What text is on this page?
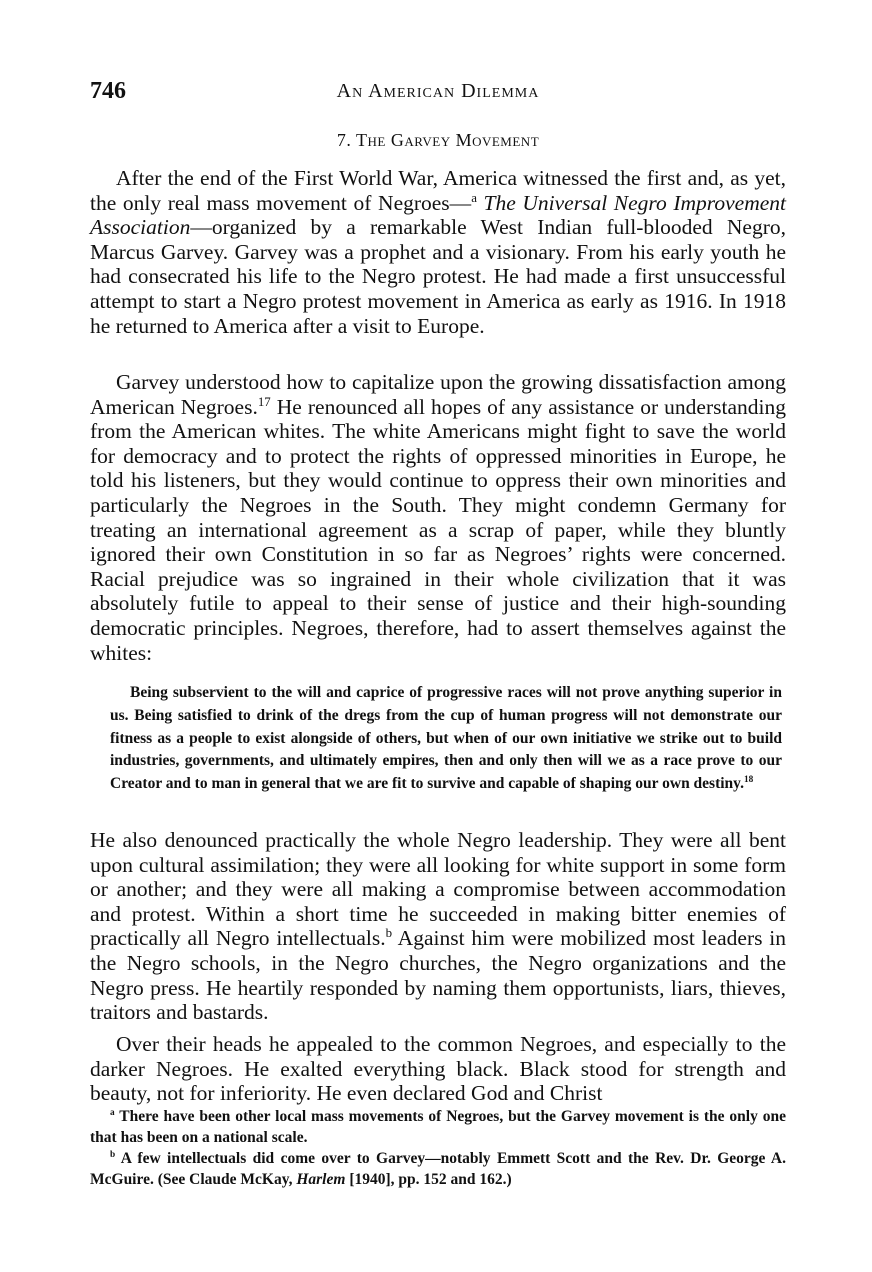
746	An American Dilemma
7. The Garvey Movement

After the end of the First World War, America witnessed the first and, as yet, the only real mass movement of Negroes—$^a$ The Universal Negro Improvement Association—organized by a remarkable West Indian full-blooded Negro, Marcus Garvey. Garvey was a prophet and a visionary. From his early youth he had consecrated his life to the Negro protest. He had made a first unsuccessful attempt to start a Negro protest movement in America as early as 1916. In 1918 he returned to America after a visit to Europe.

Garvey understood how to capitalize upon the growing dissatisfaction among American Negroes.$^{17}$ He renounced all hopes of any assistance or understanding from the American whites. The white Americans might fight to save the world for democracy and to protect the rights of oppressed minorities in Europe, he told his listeners, but they would continue to oppress their own minorities and particularly the Negroes in the South. They might condemn Germany for treating an international agreement as a scrap of paper, while they bluntly ignored their own Constitution in so far as Negroes’ rights were concerned. Racial prejudice was so ingrained in their whole civilization that it was absolutely futile to appeal to their sense of justice and their high-sounding democratic principles. Negroes, therefore, had to assert themselves against the whites:

Being subservient to the will and caprice of progressive races will not prove anything superior in us. Being satisfied to drink of the dregs from the cup of human progress will not demonstrate our fitness as a people to exist alongside of others, but when of our own initiative we strike out to build industries, governments, and ultimately empires, then and only then will we as a race prove to our Creator and to man in general that we are fit to survive and capable of shaping our own destiny.$^{18}$

He also denounced practically the whole Negro leadership. They were all bent upon cultural assimilation; they were all looking for white support in some form or another; and they were all making a compromise between accommodation and protest. Within a short time he succeeded in making bitter enemies of practically all Negro intellectuals.$^b$ Against him were mobilized most leaders in the Negro schools, in the Negro churches, the Negro organizations and the Negro press. He heartily responded by naming them opportunists, liars, thieves, traitors and bastards.

Over their heads he appealed to the common Negroes, and especially to the darker Negroes. He exalted everything black. Black stood for strength and beauty, not for inferiority. He even declared God and Christ

$^a$ There have been other local mass movements of Negroes, but the Garvey movement is the only one that has been on a national scale.

$^b$ A few intellectuals did come over to Garvey—notably Emmett Scott and the Rev. Dr. George A. McGuire. (See Claude McKay, Harlem [1940], pp. 152 and 162.)
